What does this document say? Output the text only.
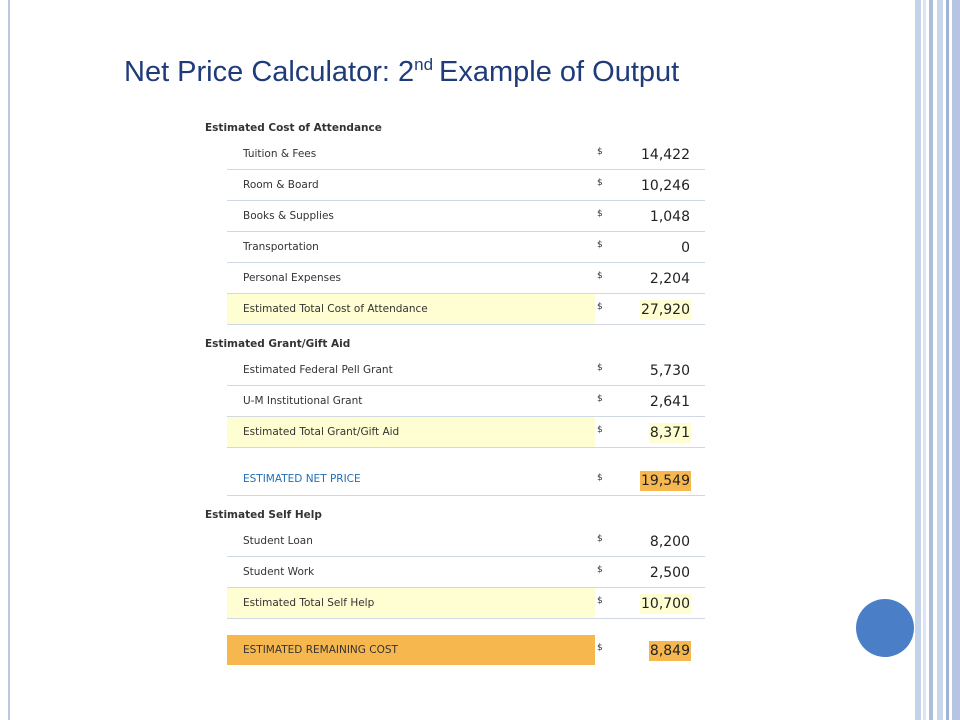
Net Price Calculator: 2nd Example of Output
Estimated Cost of Attendance
Tuition & Fees	$	14,422
Room & Board	$	10,246
Books & Supplies	$	1,048
Transportation	$	0
Personal Expenses	$	2,204
Estimated Total Cost of Attendance	$	27,920
Estimated Grant/Gift Aid
Estimated Federal Pell Grant	$	5,730
U-M Institutional Grant	$	2,641
Estimated Total Grant/Gift Aid	$	8,371
ESTIMATED NET PRICE	$	19,549
Estimated Self Help
Student Loan	$	8,200
Student Work	$	2,500
Estimated Total Self Help	$	10,700
ESTIMATED REMAINING COST	$	8,849
